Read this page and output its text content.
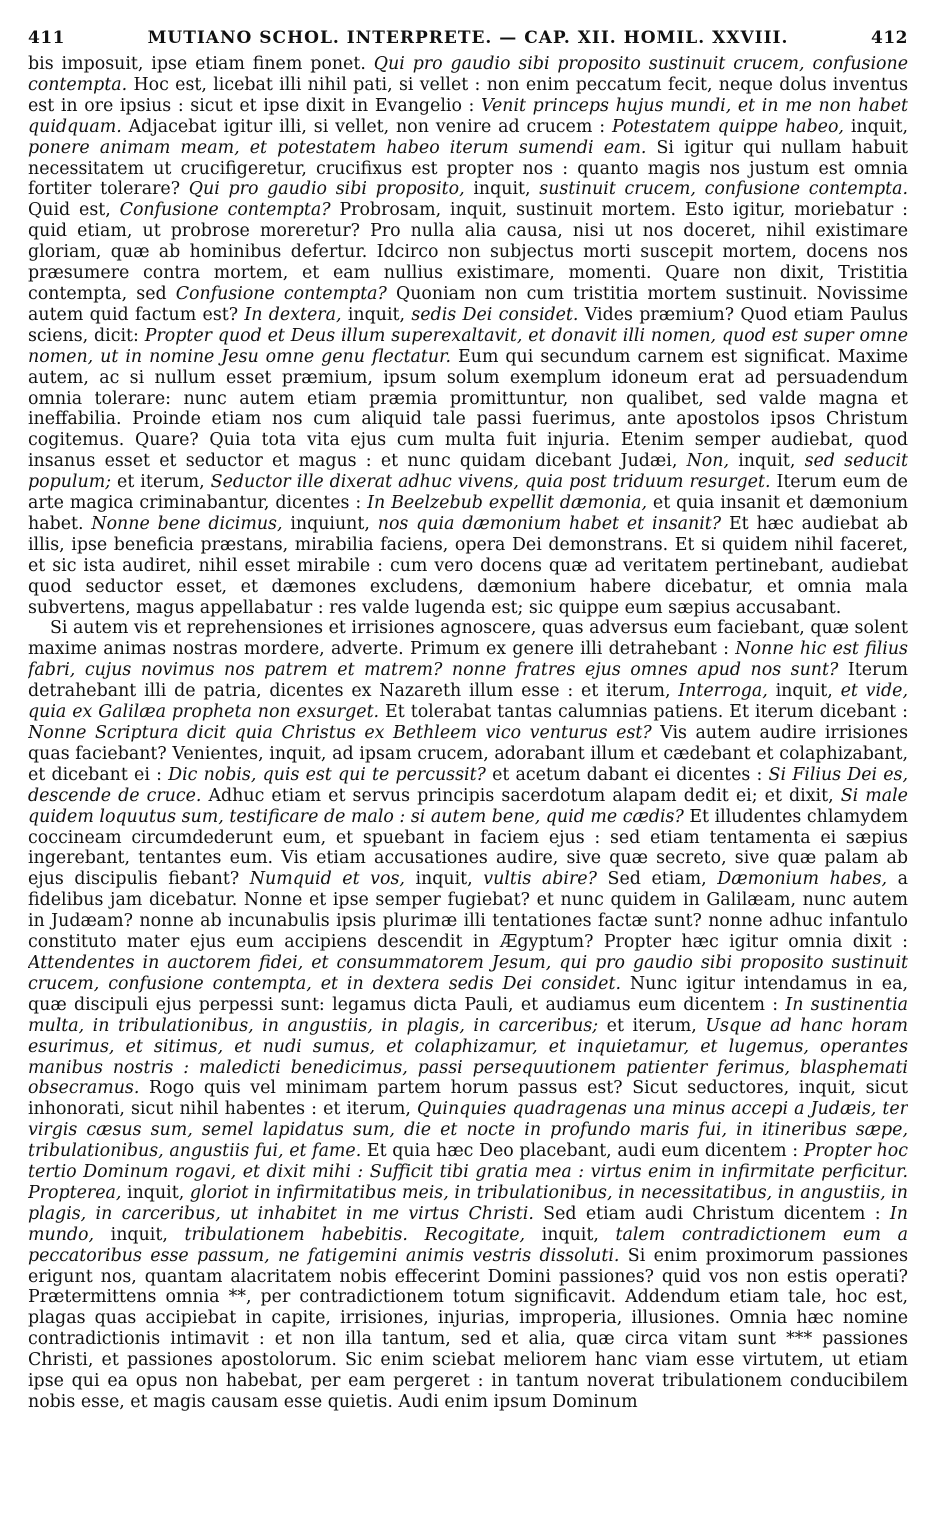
411	MUTIANO SCHOL. INTERPRETE. — CAP. XII. HOMIL. XXVIII.	412

bis imposuit, ipse etiam finem ponet. Qui pro gaudio sibi proposito sustinuit crucem, confusione contempta. Hoc est, licebat illi nihil pati, si vellet : non enim peccatum fecit, neque dolus inventus est in ore ipsius : sicut et ipse dixit in Evangelio : Venit princeps hujus mundi, et in me non habet quidquam. Adjacebat igitur illi, si vellet, non venire ad crucem : Potestatem quippe habeo, inquit, ponere animam meam, et potestatem habeo iterum sumendi eam. Si igitur qui nullam habuit necessitatem ut crucifigeretur, crucifixus est propter nos : quanto magis nos justum est omnia fortiter tolerare? Qui pro gaudio sibi proposito, inquit, sustinuit crucem, confusione contempta. Quid est, Confusione contempta? Probrosam, inquit, sustinuit mortem. Esto igitur, moriebatur : quid etiam, ut probrose moreretur? Pro nulla alia causa, nisi ut nos doceret, nihil existimare gloriam, quæ ab hominibus defertur. Idcirco non subjectus morti suscepit mortem, docens nos præsumere contra mortem, et eam nullius existimare, momenti. Quare non dixit, Tristitia contempta, sed Confusione contempta? Quoniam non cum tristitia mortem sustinuit. Novissime autem quid factum est? In dextera, inquit, sedis Dei considet. Vides præmium? Quod etiam Paulus sciens, dicit: Propter quod et Deus illum superexaltavit, et donavit illi nomen, quod est super omne nomen, ut in nomine Jesu omne genu flectatur. Eum qui secundum carnem est significat. Maxime autem, ac si nullum esset præmium, ipsum solum exemplum idoneum erat ad persuadendum omnia tolerare: nunc autem etiam præmia promittuntur, non qualibet, sed valde magna et ineffabilia. Proinde etiam nos cum aliquid tale passi fuerimus, ante apostolos ipsos Christum cogitemus. Quare? Quia tota vita ejus cum multa fuit injuria. Etenim semper audiebat, quod insanus esset et seductor et magus : et nunc quidam dicebant Judæi, Non, inquit, sed seducit populum; et iterum, Seductor ille dixerat adhuc vivens, quia post triduum resurget. Iterum eum de arte magica criminabantur, dicentes : In Beelzebub expellit dæmonia, et quia insanit et dæmonium habet. Nonne bene dicimus, inquiunt, nos quia dæmonium habet et insanit? Et hæc audiebat ab illis, ipse beneficia præstans, mirabilia faciens, opera Dei demonstrans. Et si quidem nihil faceret, et sic ista audiret, nihil esset mirabile : cum vero docens quæ ad veritatem pertinebant, audiebat quod seductor esset, et dæmones excludens, dæmonium habere dicebatur, et omnia mala subvertens, magus appellabatur : res valde lugenda est; sic quippe eum sæpius accusabant.

Si autem vis et reprehensiones et irrisiones agnoscere, quas adversus eum faciebant, quæ solent maxime animas nostras mordere, adverte. Primum ex genere illi detrahebant : Nonne hic est filius fabri, cujus novimus nos patrem et matrem? nonne fratres ejus omnes apud nos sunt? Iterum detrahebant illi de patria, dicentes ex Nazareth illum esse : et iterum, Interroga, inquit, et vide, quia ex Galilæa propheta non exsurget. Et tolerabat tantas calumnias patiens. Et iterum dicebant : Nonne Scriptura dicit quia Christus ex Bethleem vico venturus est? Vis autem audire irrisiones quas faciebant? Venientes, inquit, ad ipsam crucem, adorabant illum et cædebant et colaphizabant, et dicebant ei : Dic nobis, quis est qui te percussit? et acetum dabant ei dicentes : Si Filius Dei es, descende de cruce. Adhuc etiam et servus principis sacerdotum alapam dedit ei; et dixit, Si male quidem loquutus sum, testificare de malo : si autem bene, quid me cædis? Et illudentes chlamydem coccineam circumdederunt eum, et spuebant in faciem ejus : sed etiam tentamenta ei sæpius ingerebant, tentantes eum. Vis etiam accusationes audire, sive quæ secreto, sive quæ palam ab ejus discipulis fiebant? Numquid et vos, inquit, vultis abire? Sed etiam, Dæmonium habes, a fidelibus jam dicebatur. Nonne et ipse semper fugiebat? et nunc quidem in Galilæam, nunc autem in Judæam? nonne ab incunabulis ipsis plurimæ illi tentationes factæ sunt? nonne adhuc infantulo constituto mater ejus eum accipiens descendit in Ægyptum? Propter hæc igitur omnia dixit : Attendentes in auctorem fidei, et consummatorem Jesum, qui pro gaudio sibi proposito sustinuit crucem, confusione contempta, et in dextera sedis Dei considet. Nunc igitur intendamus in ea, quæ discipuli ejus perpessi sunt: legamus dicta Pauli, et audiamus eum dicentem : In sustinentia multa, in tribulationibus, in angustiis, in plagis, in carceribus; et iterum, Usque ad hanc horam esurimus, et sitimus, et nudi sumus, et colaphizamur, et inquietamur, et lugemus, operantes manibus nostris : maledicti benedicimus, passi persequutionem patienter ferimus, blasphemati obsecramus. Rogo quis vel minimam partem horum passus est? Sicut seductores, inquit, sicut inhonorati, sicut nihil habentes : et iterum, Quinquies quadragenas una minus accepi a Judæis, ter virgis cæsus sum, semel lapidatus sum, die et nocte in profundo maris fui, in itineribus sæpe, tribulationibus, angustiis fui, et fame. Et quia hæc Deo placebant, audi eum dicentem : Propter hoc tertio Dominum rogavi, et dixit mihi : Sufficit tibi gratia mea : virtus enim in infirmitate perficitur. Propterea, inquit, gloriot in infirmitatibus meis, in tribulationibus, in necessitatibus, in angustiis, in plagis, in carceribus, ut inhabitet in me virtus Christi. Sed etiam audi Christum dicentem : In mundo, inquit, tribulationem habebitis. Recogitate, inquit, talem contradictionem eum a peccatoribus esse passum, ne fatigemini animis vestris dissoluti. Si enim proximorum passiones erigunt nos, quantam alacritatem nobis effecerint Domini passiones? quid vos non estis operati? Prætermittens omnia **, per contradictionem totum significavit. Addendum etiam tale, hoc est, plagas quas accipiebat in capite, irrisiones, injurias, improperia, illusiones. Omnia hæc nomine contradictionis intimavit : et non illa tantum, sed et alia, quæ circa vitam sunt *** passiones Christi, et passiones apostolorum. Sic enim sciebat meliorem hanc viam esse virtutem, ut etiam ipse qui ea opus non habebat, per eam pergeret : in tantum noverat tribulationem conducibilem nobis esse, et magis causam esse quietis. Audi enim ipsum Dominum
